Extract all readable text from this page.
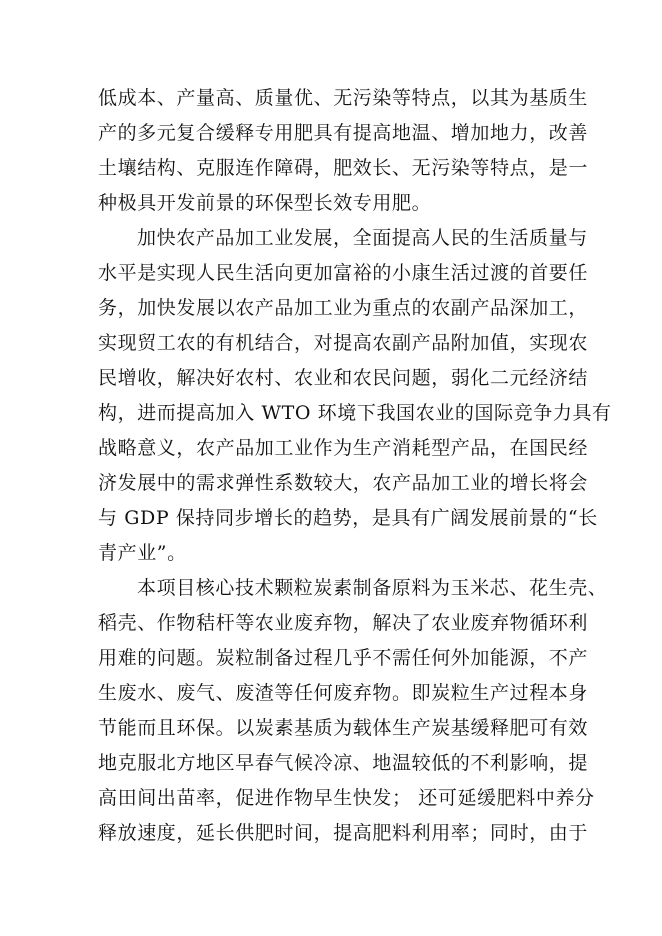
低成本、产量高、质量优、无污染等特点，以其为基质生
产的多元复合缓释专用肥具有提高地温、增加地力，改善
土壤结构、克服连作障碍，肥效长、无污染等特点，是一
种极具开发前景的环保型长效专用肥。
加快农产品加工业发展，全面提高人民的生活质量与
水平是实现人民生活向更加富裕的小康生活过渡的首要任
务，加快发展以农产品加工业为重点的农副产品深加工，
实现贸工农的有机结合，对提高农副产品附加值，实现农
民增收，解决好农村、农业和农民问题，弱化二元经济结
构，进而提高加入 WTO 环境下我国农业的国际竞争力具有
战略意义，农产品加工业作为生产消耗型产品，在国民经
济发展中的需求弹性系数较大，农产品加工业的增长将会
与 GDP 保持同步增长的趋势，是具有广阔发展前景的“长
青产业”。
本项目核心技术颗粒炭素制备原料为玉米芯、花生壳、
稻壳、作物秸杆等农业废弃物，解决了农业废弃物循环利
用难的问题。炭粒制备过程几乎不需任何外加能源，不产
生废水、废气、废渣等任何废弃物。即炭粒生产过程本身
节能而且环保。以炭素基质为载体生产炭基缓释肥可有效
地克服北方地区早春气候冷凉、地温较低的不利影响，提
高田间出苗率，促进作物早生快发； 还可延缓肥料中养分
释放速度，延长供肥时间，提高肥料利用率；同时，由于
